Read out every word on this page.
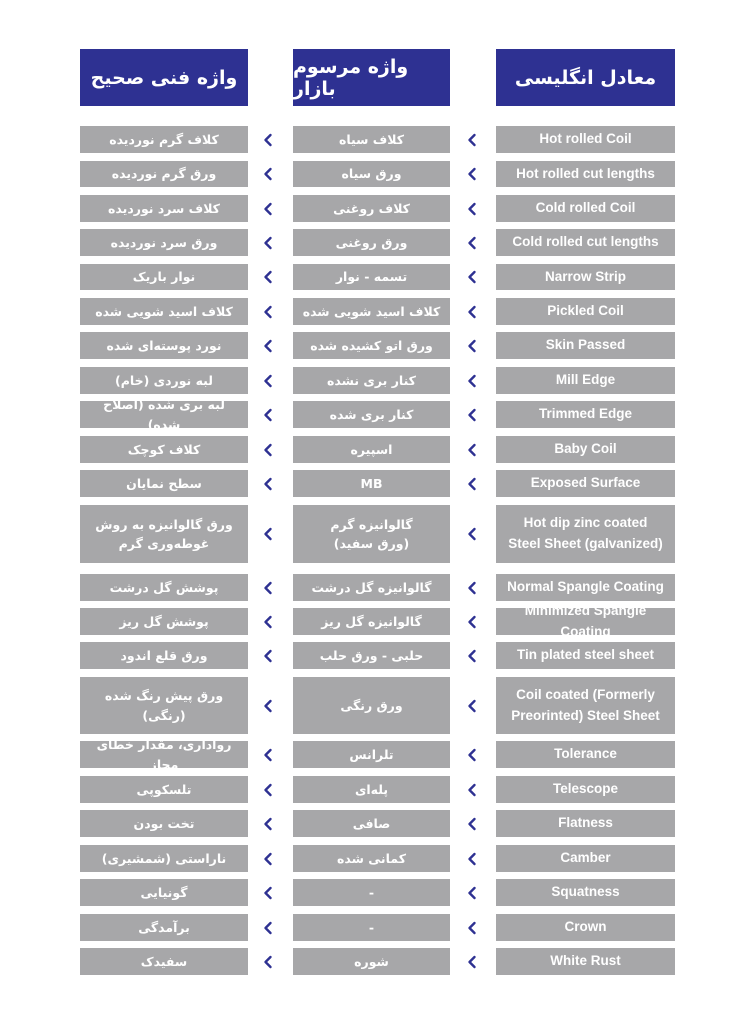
معادل انگلیسی
واژه مرسوم بازار
واژه فنی صحیح
Hot rolled Coil
کلاف سیاه
کلاف گرم نوردیده
Hot rolled cut lengths
ورق سیاه
ورق گرم نوردیده
Cold rolled Coil
کلاف روغنی
کلاف سرد نوردیده
Cold rolled cut lengths
ورق روغنی
ورق سرد نوردیده
Narrow Strip
تسمه - نوار
نوار باریک
Pickled Coil
کلاف اسید شویی شده
کلاف اسید شویی شده
Skin Passed
ورق اتو کشیده شده
نورد پوسته‌ای شده
Mill Edge
کنار بری نشده
لبه نوردی (خام)
Trimmed Edge
کنار بری شده
لبه بری شده (اصلاح شده)
Baby Coil
اسپیره
کلاف کوچک
Exposed Surface
MB
سطح نمایان
Hot dip zinc coated
Steel Sheet (galvanized)
گالوانیزه گرم
(ورق سفید)
ورق گالوانیزه به روش
غوطه‌وری گرم
Normal Spangle Coating
گالوانیزه گل درشت
پوشش گل درشت
Minimized Spangle Coating
گالوانیزه گل ریز
پوشش گل ریز
Tin plated steel sheet
حلبی - ورق حلب
ورق قلع اندود
Coil coated (Formerly
Preorinted) Steel Sheet
ورق رنگی
ورق پیش رنگ شده (رنگی)
Tolerance
تلرانس
رواداری، مقدار خطای مجاز
Telescope
پله‌ای
تلسکوپی
Flatness
صافی
تخت بودن
Camber
کمانی شده
ناراستی (شمشیری)
Squatness
-
گونیایی
Crown
-
برآمدگی
White Rust
شوره
سفیدک
